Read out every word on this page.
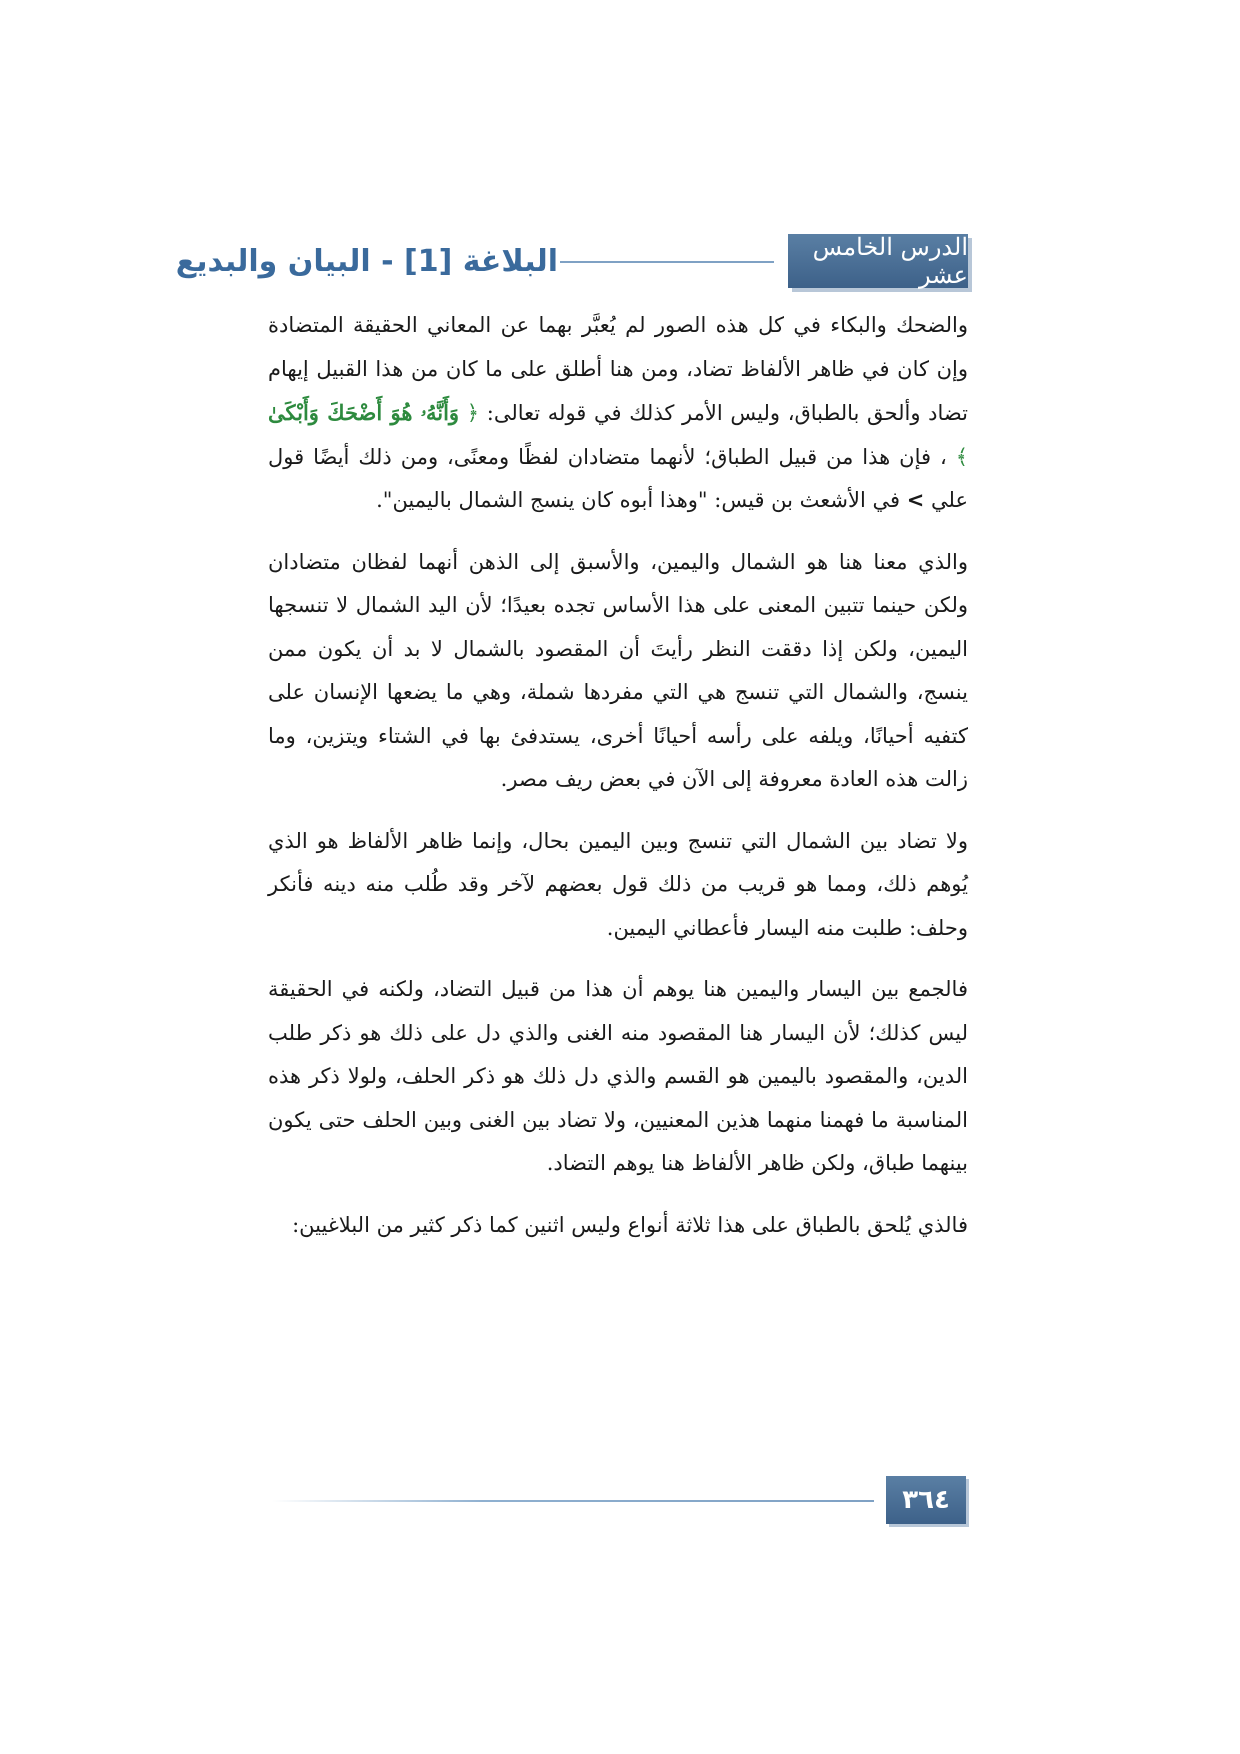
الدرس الخامس عشر
البلاغة [1] - البيان والبديع

والضحك والبكاء في كل هذه الصور لم يُعبَّر بهما عن المعاني الحقيقة المتضادة وإن كان في ظاهر الألفاظ تضاد، ومن هنا أطلق على ما كان من هذا القبيل إيهام تضاد وألحق بالطباق، وليس الأمر كذلك في قوله تعالى: ﴿ وَأَنَّهُۥ هُوَ أَضْحَكَ وَأَبْكَىٰ ﴾ ، فإن هذا من قبيل الطباق؛ لأنهما متضادان لفظًا ومعنًى، ومن ذلك أيضًا قول علي > في الأشعث بن قيس: "وهذا أبوه كان ينسج الشمال باليمين".

والذي معنا هنا هو الشمال واليمين، والأسبق إلى الذهن أنهما لفظان متضادان ولكن حينما تتبين المعنى على هذا الأساس تجده بعيدًا؛ لأن اليد الشمال لا تنسجها اليمين، ولكن إذا دققت النظر رأيتَ أن المقصود بالشمال لا بد أن يكون ممن ينسج، والشمال التي تنسج هي التي مفردها شملة، وهي ما يضعها الإنسان على كتفيه أحيانًا، ويلفه على رأسه أحيانًا أخرى، يستدفئ بها في الشتاء ويتزين، وما زالت هذه العادة معروفة إلى الآن في بعض ريف مصر.

ولا تضاد بين الشمال التي تنسج وبين اليمين بحال، وإنما ظاهر الألفاظ هو الذي يُوهم ذلك، ومما هو قريب من ذلك قول بعضهم لآخر وقد طُلب منه دينه فأنكر وحلف: طلبت منه اليسار فأعطاني اليمين.

فالجمع بين اليسار واليمين هنا يوهم أن هذا من قبيل التضاد، ولكنه في الحقيقة ليس كذلك؛ لأن اليسار هنا المقصود منه الغنى والذي دل على ذلك هو ذكر طلب الدين، والمقصود باليمين هو القسم والذي دل ذلك هو ذكر الحلف، ولولا ذكر هذه المناسبة ما فهمنا منهما هذين المعنيين، ولا تضاد بين الغنى وبين الحلف حتى يكون بينهما طباق، ولكن ظاهر الألفاظ هنا يوهم التضاد.

فالذي يُلحق بالطباق على هذا ثلاثة أنواع وليس اثنين كما ذكر كثير من البلاغيين:

٣٦٤
